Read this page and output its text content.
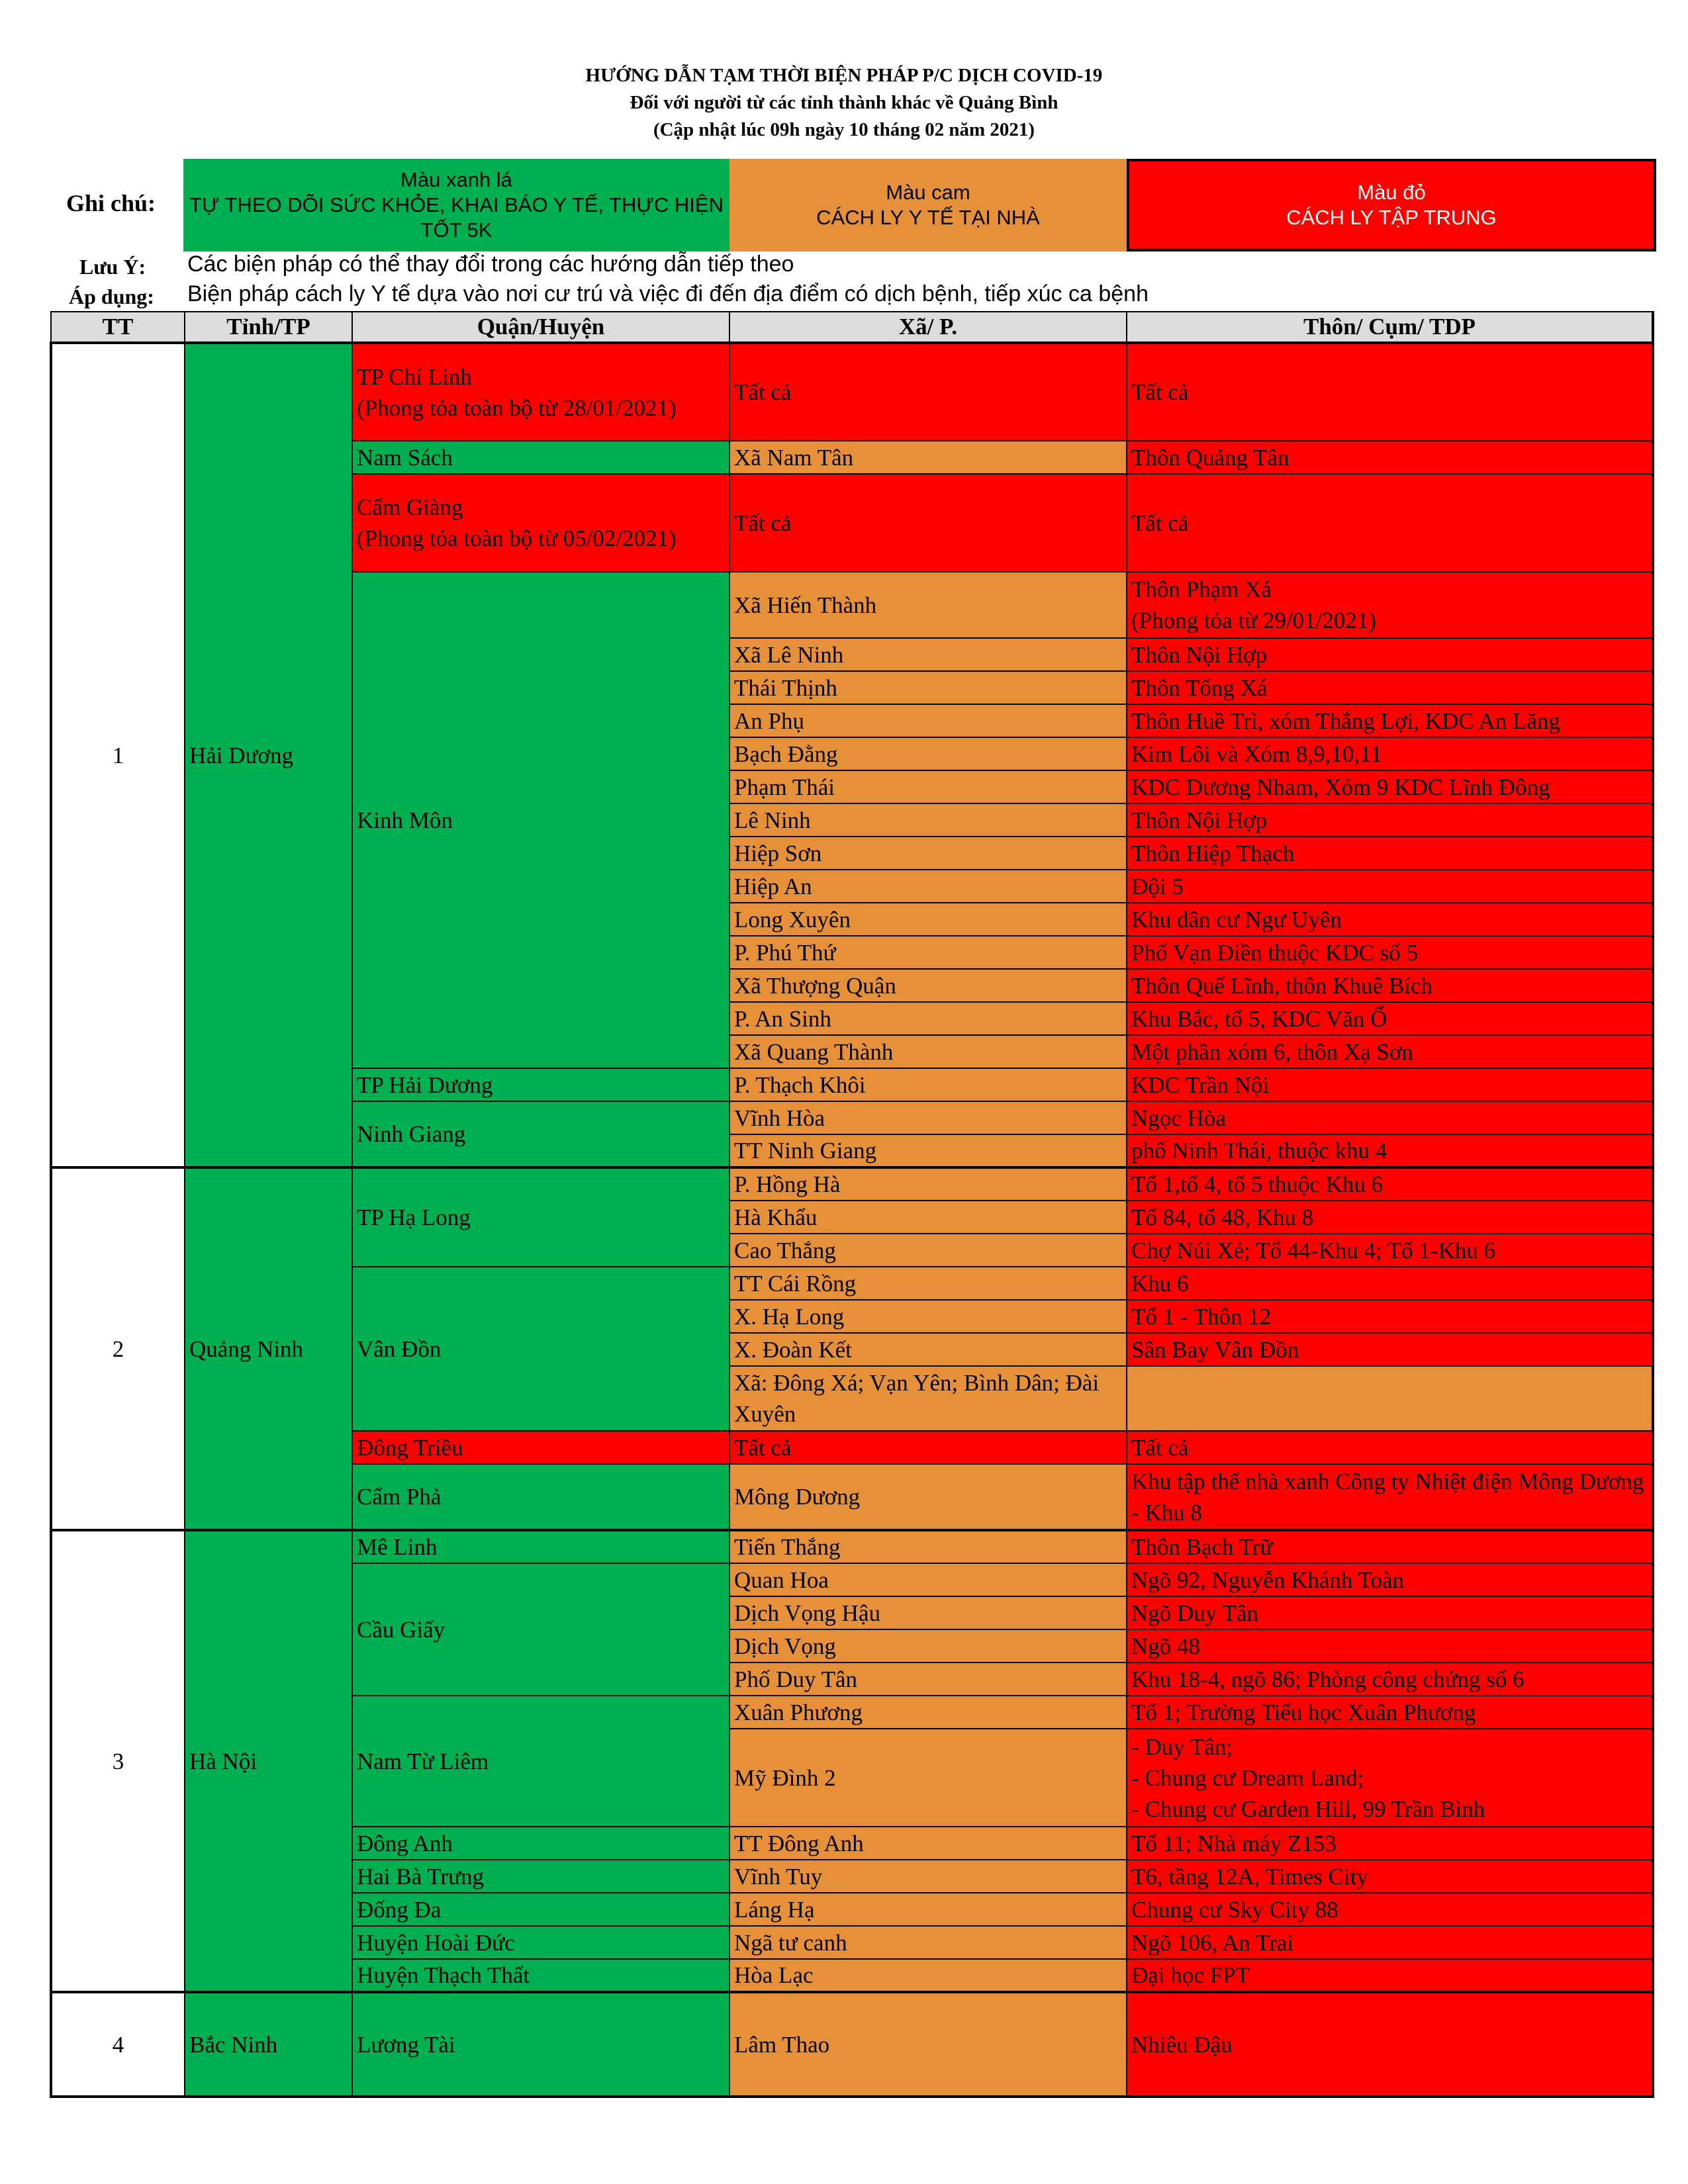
HƯỚNG DẪN TẠM THỜI BIỆN PHÁP P/C DỊCH COVID-19
Đối với người từ các tỉnh thành khác về Quảng Bình
(Cập nhật lúc 09h ngày 10 tháng 02 năm 2021)
Ghi chú:
Màu xanh lá
TỰ THEO DÕI SỨC KHỎE, KHAI BÁO Y TẾ, THỰC HIỆN TỐT 5K
Màu cam
CÁCH LY Y TẾ TẠI NHÀ
Màu đỏ
CÁCH LY TẬP TRUNG
Lưu Ý: Các biện pháp có thể thay đổi trong các hướng dẫn tiếp theo
Áp dụng: Biện pháp cách ly Y tế dựa vào nơi cư trú và việc đi đến địa điểm có dịch bệnh, tiếp xúc ca bệnh
TT	Tỉnh/TP	Quận/Huyện	Xã/ P.	Thôn/ Cụm/ TDP
1	Hải Dương	TP Chí Linh
(Phong tỏa toàn bộ từ 28/01/2021)	Tất cả	Tất cả
		Nam Sách	Xã Nam Tân	Thôn Quảng Tân
		Cẩm Giàng
(Phong tỏa toàn bộ từ 05/02/2021)	Tất cả	Tất cả
		Kinh Môn	Xã Hiến Thành	Thôn Phạm Xá
(Phong tỏa từ 29/01/2021)
			Xã Lê Ninh	Thôn Nội Hợp
			Thái Thịnh	Thôn Tống Xá
			An Phụ	Thôn Huề Trì, xóm Thắng Lợi, KDC An Lăng
			Bạch Đằng	Kim Lôi và Xóm 8,9,10,11
			Phạm Thái	KDC Dương Nham, Xóm 9 KDC Lĩnh Đông
			Lê Ninh	Thôn Nội Hợp
			Hiệp Sơn	Thôn Hiệp Thạch
			Hiệp An	Đội 5
			Long Xuyên	Khu dân cư Ngư Uyên
			P. Phú Thứ	Phố Vạn Điền thuộc KDC số 5
			Xã Thượng Quận	Thôn Quế Lĩnh, thôn Khuê Bích
			P. An Sinh	Khu Bắc, tổ 5, KDC Văn Ổ
			Xã Quang Thành	Một phần xóm 6, thôn Xạ Sơn
		TP Hải Dương	P. Thạch Khôi	KDC Trần Nội
		Ninh Giang	Vĩnh Hòa	Ngọc Hòa
			TT Ninh Giang	phố Ninh Thái, thuộc khu 4
2	Quảng Ninh	TP Hạ Long	P. Hồng Hà	Tổ 1,tổ 4, tổ 5 thuộc Khu 6
			Hà Khẩu	Tổ 84, tổ 48, Khu 8
			Cao Thắng	Chợ Núi Xẻ; Tổ 44-Khu 4; Tổ 1-Khu 6
		Vân Đồn	TT Cái Rồng	Khu 6
			X. Hạ Long	Tổ 1 - Thôn 12
			X. Đoàn Kết	Sân Bay Vân Đồn
			Xã: Đông Xá; Vạn Yên; Bình Dân; Đài Xuyên	
		Đông Triều	Tất cả	Tất cả
		Cẩm Phả	Mông Dương	Khu tập thể nhà xanh Công ty Nhiệt điện Mông Dương - Khu 8
3	Hà Nội	Mê Linh	Tiến Thắng	Thôn Bạch Trữ
		Cầu Giấy	Quan Hoa	Ngõ 92, Nguyễn Khánh Toàn
			Dịch Vọng Hậu	Ngõ Duy Tân
			Dịch Vọng	Ngõ 48
			Phố Duy Tân	Khu 18-4, ngõ 86; Phòng công chứng số 6
		Nam Từ Liêm	Xuân Phương	Tổ 1; Trường Tiểu học Xuân Phương
			Mỹ Đình 2	- Duy Tân;
- Chung cư Dream Land;
- Chung cư Garden Hill, 99 Trần Bình
		Đông Anh	TT Đông Anh	Tổ 11; Nhà máy Z153
		Hai Bà Trưng	Vĩnh Tuy	T6, tầng 12A, Times City
		Đống Đa	Láng Hạ	Chung cư Sky City 88
		Huyện Hoài Đức	Ngã tư canh	Ngõ 106, An Trai
		Huyện Thạch Thất	Hòa Lạc	Đại học FPT
4	Bắc Ninh	Lương Tài	Lâm Thao	Nhiêu Đậu
